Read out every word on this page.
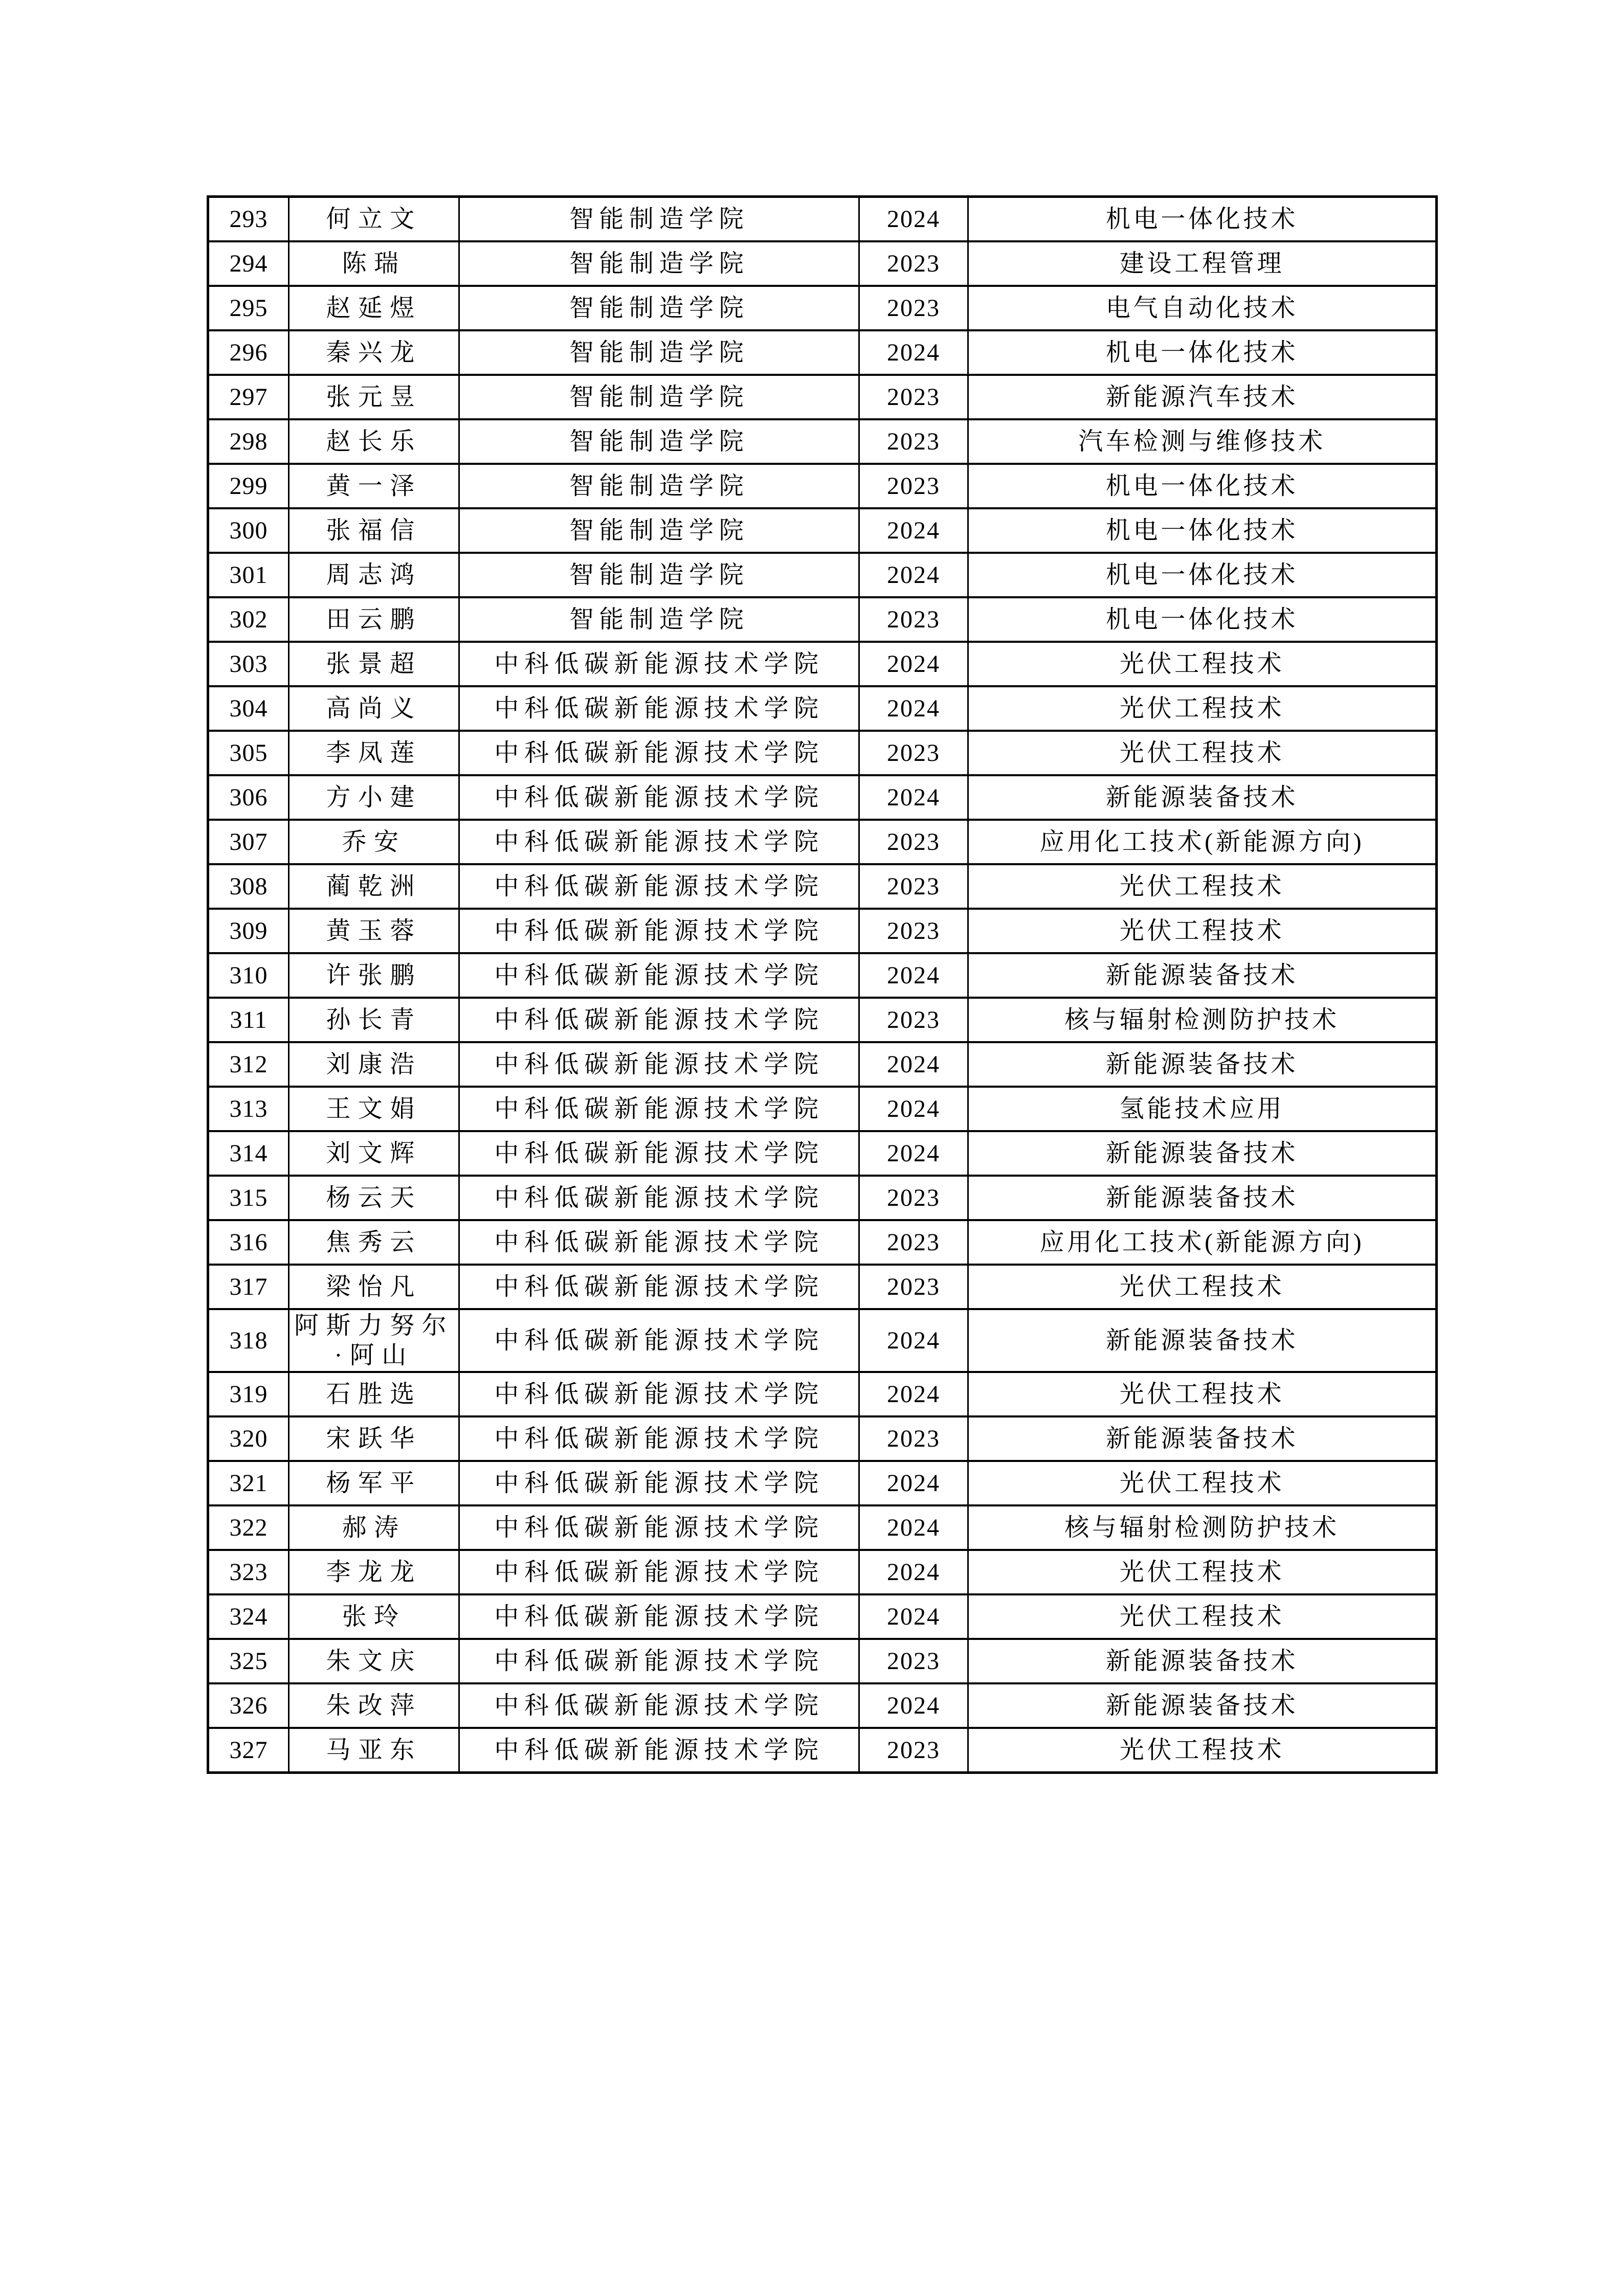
293	何立文	智能制造学院	2024	机电一体化技术
294	陈瑞	智能制造学院	2023	建设工程管理
295	赵延煜	智能制造学院	2023	电气自动化技术
296	秦兴龙	智能制造学院	2024	机电一体化技术
297	张元昱	智能制造学院	2023	新能源汽车技术
298	赵长乐	智能制造学院	2023	汽车检测与维修技术
299	黄一泽	智能制造学院	2023	机电一体化技术
300	张福信	智能制造学院	2024	机电一体化技术
301	周志鸿	智能制造学院	2024	机电一体化技术
302	田云鹏	智能制造学院	2023	机电一体化技术
303	张景超	中科低碳新能源技术学院	2024	光伏工程技术
304	高尚义	中科低碳新能源技术学院	2024	光伏工程技术
305	李凤莲	中科低碳新能源技术学院	2023	光伏工程技术
306	方小建	中科低碳新能源技术学院	2024	新能源装备技术
307	乔安	中科低碳新能源技术学院	2023	应用化工技术(新能源方向)
308	蔺乾洲	中科低碳新能源技术学院	2023	光伏工程技术
309	黄玉蓉	中科低碳新能源技术学院	2023	光伏工程技术
310	许张鹏	中科低碳新能源技术学院	2024	新能源装备技术
311	孙长青	中科低碳新能源技术学院	2023	核与辐射检测防护技术
312	刘康浩	中科低碳新能源技术学院	2024	新能源装备技术
313	王文娟	中科低碳新能源技术学院	2024	氢能技术应用
314	刘文辉	中科低碳新能源技术学院	2024	新能源装备技术
315	杨云天	中科低碳新能源技术学院	2023	新能源装备技术
316	焦秀云	中科低碳新能源技术学院	2023	应用化工技术(新能源方向)
317	梁怡凡	中科低碳新能源技术学院	2023	光伏工程技术
318	阿斯力努尔·阿山	中科低碳新能源技术学院	2024	新能源装备技术
319	石胜选	中科低碳新能源技术学院	2024	光伏工程技术
320	宋跃华	中科低碳新能源技术学院	2023	新能源装备技术
321	杨军平	中科低碳新能源技术学院	2024	光伏工程技术
322	郝涛	中科低碳新能源技术学院	2024	核与辐射检测防护技术
323	李龙龙	中科低碳新能源技术学院	2024	光伏工程技术
324	张玲	中科低碳新能源技术学院	2024	光伏工程技术
325	朱文庆	中科低碳新能源技术学院	2023	新能源装备技术
326	朱改萍	中科低碳新能源技术学院	2024	新能源装备技术
327	马亚东	中科低碳新能源技术学院	2023	光伏工程技术
